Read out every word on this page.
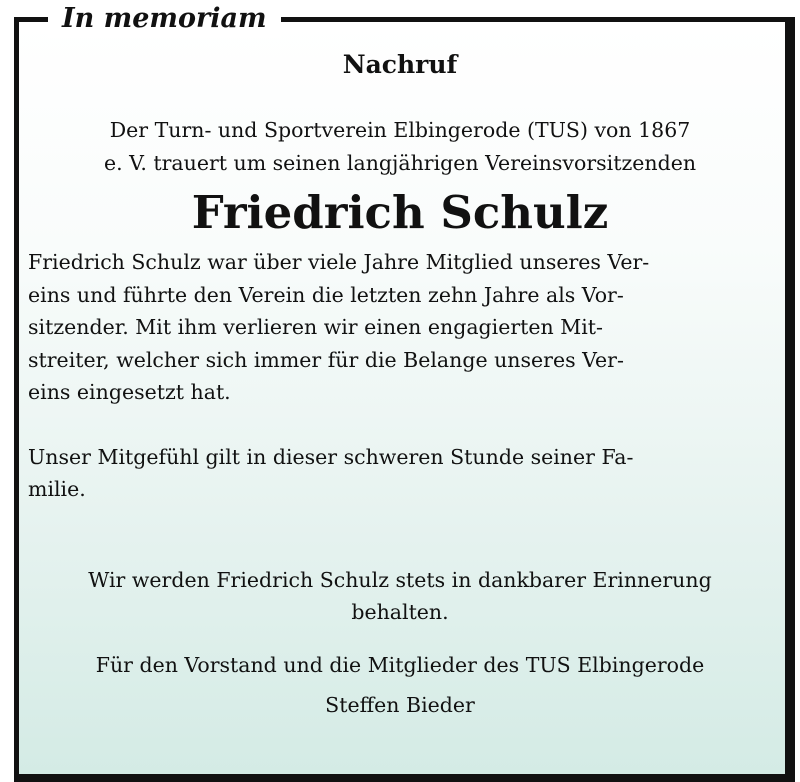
In memoriam
Nachruf
Der Turn- und Sportverein Elbingerode (TUS) von 1867
e. V. trauert um seinen langjährigen Vereinsvorsitzenden
Friedrich Schulz
Friedrich Schulz war über viele Jahre Mitglied unseres Ver-
eins und führte den Verein die letzten zehn Jahre als Vor-
sitzender. Mit ihm verlieren wir einen engagierten Mit-
streiter, welcher sich immer für die Belange unseres Ver-
eins eingesetzt hat.
Unser Mitgefühl gilt in dieser schweren Stunde seiner Fa-
milie.
Wir werden Friedrich Schulz stets in dankbarer Erinnerung
behalten.
Für den Vorstand und die Mitglieder des TUS Elbingerode
Steffen Bieder
